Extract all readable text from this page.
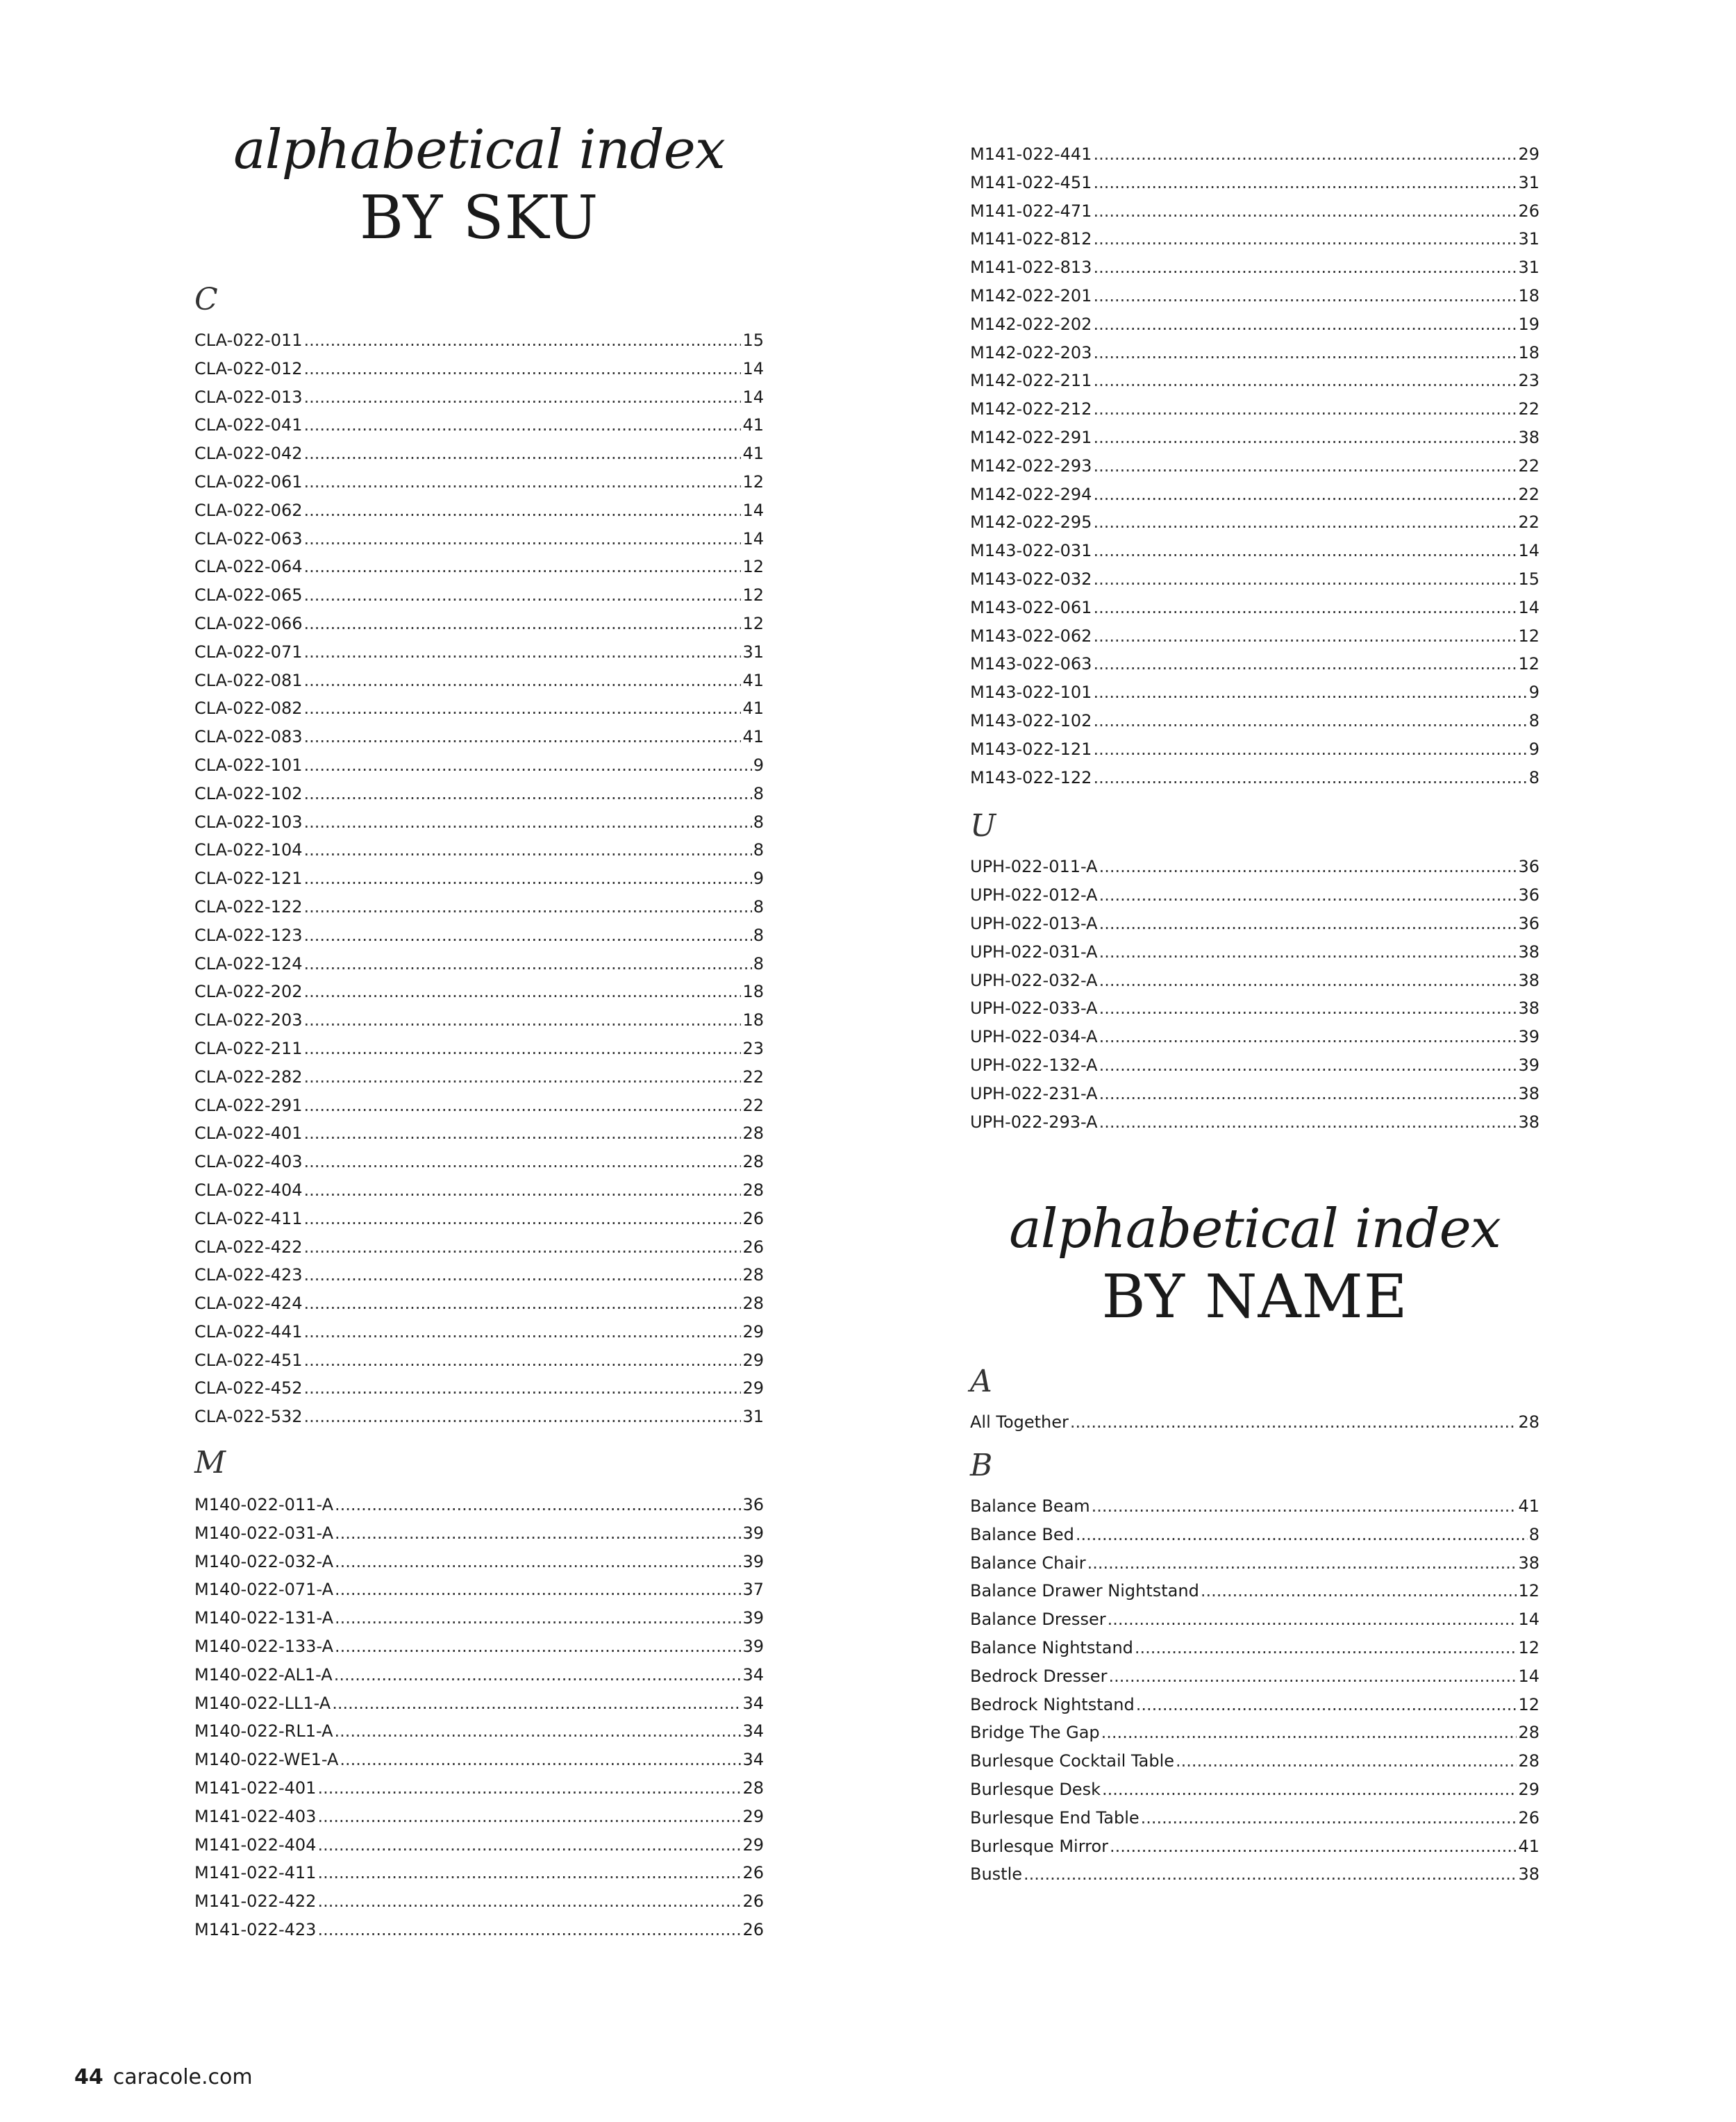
alphabetical index
BY SKU
C
CLA-022-011 .....	15
CLA-022-012 .....	14
CLA-022-013 .....	14
CLA-022-041 .....	41
CLA-022-042 .....	41
CLA-022-061 .....	12
CLA-022-062 .....	14
CLA-022-063 .....	14
CLA-022-064 .....	12
CLA-022-065 .....	12
CLA-022-066 .....	12
CLA-022-071 .....	31
CLA-022-081 .....	41
CLA-022-082 .....	41
CLA-022-083 .....	41
CLA-022-101 .....	9
CLA-022-102 .....	8
CLA-022-103 .....	8
CLA-022-104 .....	8
CLA-022-121 .....	9
CLA-022-122 .....	8
CLA-022-123 .....	8
CLA-022-124 .....	8
CLA-022-202 .....	18
CLA-022-203 .....	18
CLA-022-211 .....	23
CLA-022-282 .....	22
CLA-022-291 .....	22
CLA-022-401 .....	28
CLA-022-403 .....	28
CLA-022-404 .....	28
CLA-022-411 .....	26
CLA-022-422 .....	26
CLA-022-423 .....	28
CLA-022-424 .....	28
CLA-022-441 .....	29
CLA-022-451 .....	29
CLA-022-452 .....	29
CLA-022-532 .....	31
M
M140-022-011-A .....	36
M140-022-031-A .....	39
M140-022-032-A .....	39
M140-022-071-A .....	37
M140-022-131-A .....	39
M140-022-133-A .....	39
M140-022-AL1-A .....	34
M140-022-LL1-A .....	34
M140-022-RL1-A .....	34
M140-022-WE1-A .....	34
M141-022-401 .....	28
M141-022-403 .....	29
M141-022-404 .....	29
M141-022-411 .....	26
M141-022-422 .....	26
M141-022-423 .....	26
M141-022-441 .....	29
M141-022-451 .....	31
M141-022-471 .....	26
M141-022-812 .....	31
M141-022-813 .....	31
M142-022-201 .....	18
M142-022-202 .....	19
M142-022-203 .....	18
M142-022-211 .....	23
M142-022-212 .....	22
M142-022-291 .....	38
M142-022-293 .....	22
M142-022-294 .....	22
M142-022-295 .....	22
M143-022-031 .....	14
M143-022-032 .....	15
M143-022-061 .....	14
M143-022-062 .....	12
M143-022-063 .....	12
M143-022-101 .....	9
M143-022-102 .....	8
M143-022-121 .....	9
M143-022-122 .....	8
U
UPH-022-011-A .....	36
UPH-022-012-A .....	36
UPH-022-013-A .....	36
UPH-022-031-A .....	38
UPH-022-032-A .....	38
UPH-022-033-A .....	38
UPH-022-034-A .....	39
UPH-022-132-A .....	39
UPH-022-231-A .....	38
UPH-022-293-A .....	38
alphabetical index
BY NAME
A
All Together .....	28
B
Balance Beam .....	41
Balance Bed .....	8
Balance Chair .....	38
Balance Drawer Nightstand .....	12
Balance Dresser .....	14
Balance Nightstand .....	12
Bedrock Dresser .....	14
Bedrock Nightstand .....	12
Bridge The Gap .....	28
Burlesque Cocktail Table .....	28
Burlesque Desk .....	29
Burlesque End Table .....	26
Burlesque Mirror .....	41
Bustle .....	38
44 caracole.com
